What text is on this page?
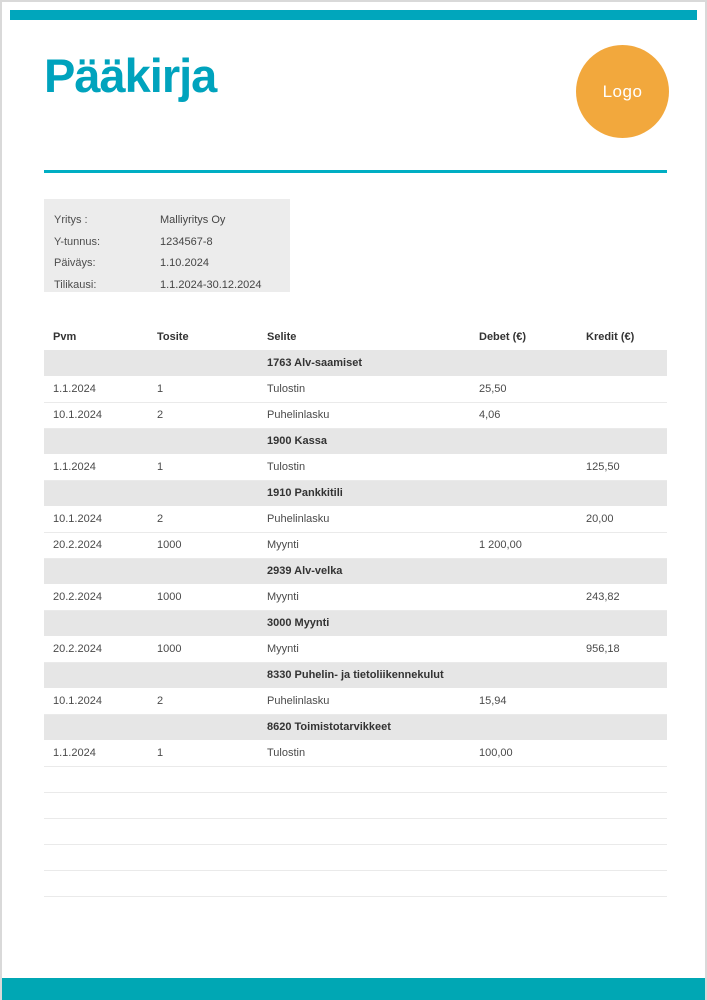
Pääkirja	Logo
Yritys :	Malliyritys Oy
Y-tunnus:	1234567-8
Päiväys:	1.10.2024
Tilikausi:	1.1.2024-30.12.2024
Pvm	Tosite	Selite	Debet (€)	Kredit (€)
		1763 Alv-saamiset		
1.1.2024	1	Tulostin	25,50	
10.1.2024	2	Puhelinlasku	4,06	
		1900 Kassa		
1.1.2024	1	Tulostin		125,50
		1910 Pankkitili		
10.1.2024	2	Puhelinlasku		20,00
20.2.2024	1000	Myynti	1 200,00	
		2939 Alv-velka		
20.2.2024	1000	Myynti		243,82
		3000 Myynti		
20.2.2024	1000	Myynti		956,18
		8330 Puhelin- ja tietoliikennekulut		
10.1.2024	2	Puhelinlasku	15,94	
		8620 Toimistotarvikkeet		
1.1.2024	1	Tulostin	100,00	
